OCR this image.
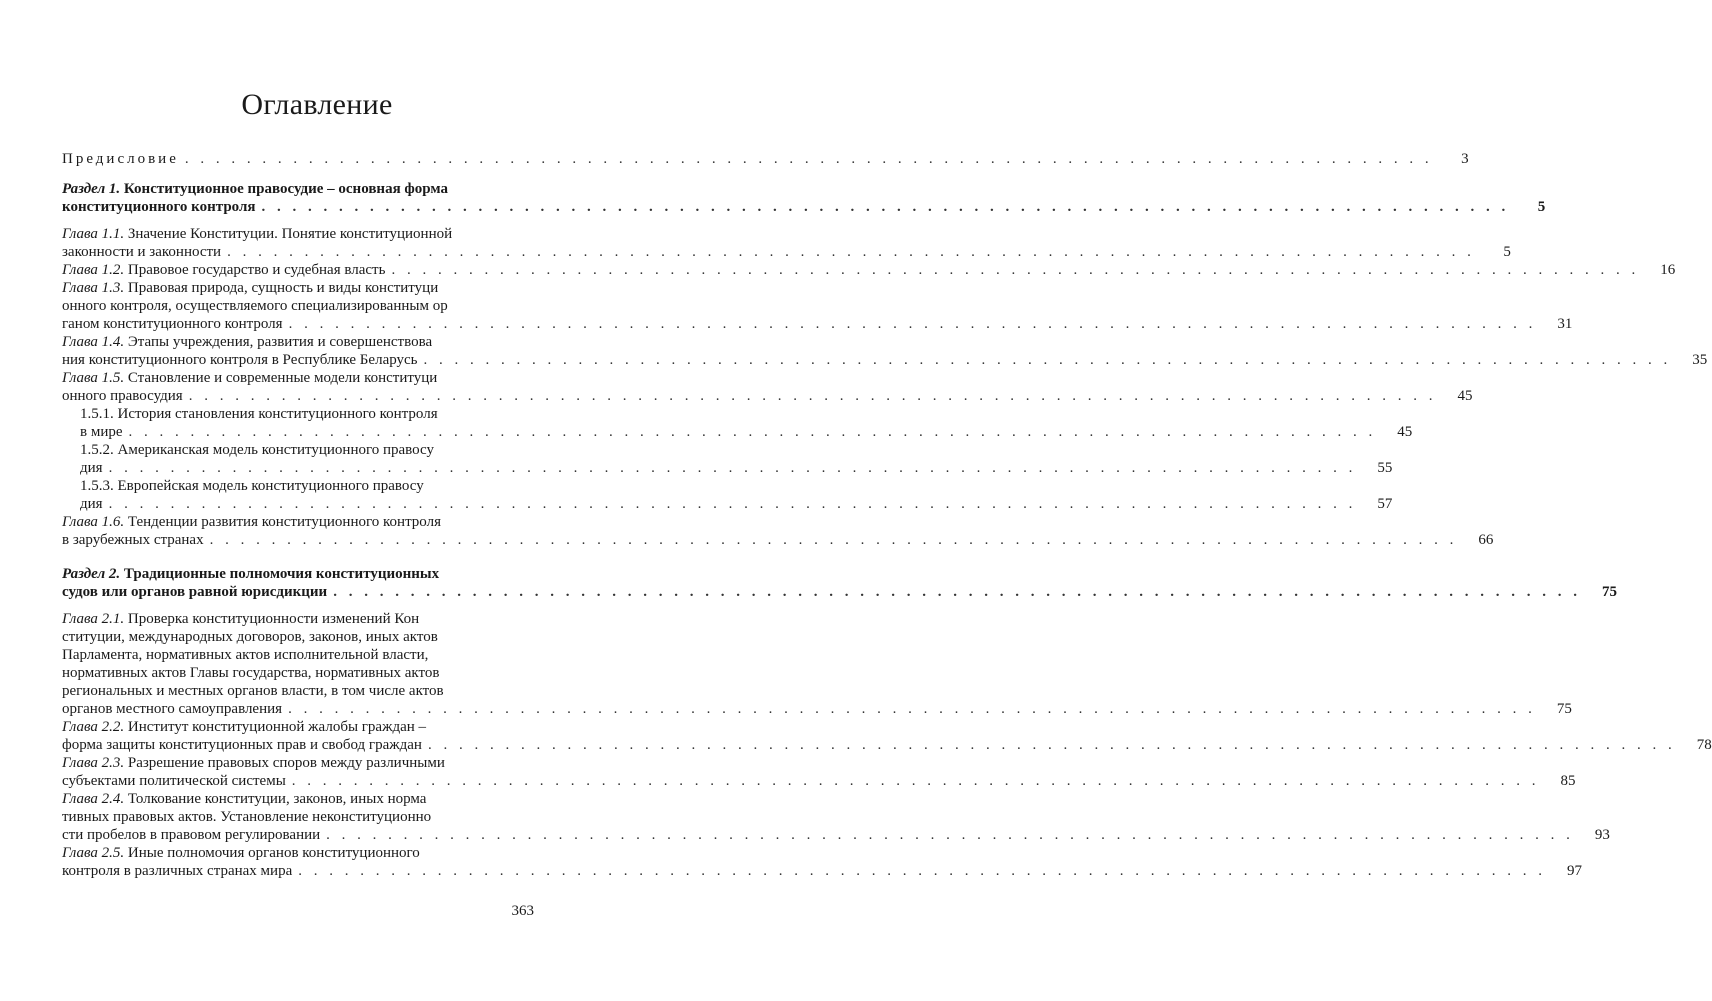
Оглавление
Предисловие . . . . . . . . . . . . . . . . . . . . . . . . . . . . . . . . . . . . . . . . . . . . . . . . . . . . . . . . . . . . . . . . . . . . . . . . . . . . . . . . .	3
Раздел 1. Конституционное правосудие – основная форма
конституционного контроля . . . . . . . . . . . . . . . . . . . . . . . . . . . . . . . . . . . . . . . . . . . . . . . . . . . . . . . . . . . . . . . . . . . . . . . . . . . . . . . . .	5
Глава 1.1. Значение Конституции. Понятие конституционной
законности и законности . . . . . . . . . . . . . . . . . . . . . . . . . . . . . . . . . . . . . . . . . . . . . . . . . . . . . . . . . . . . . . . . . . . . . . . . . . . . . . . . .	5
Глава 1.2. Правовое государство и судебная власть . . . . . . . . . . . . . . . . . . . . . . . . . . . . . . . . . . . . . . . . . . . . . . . . . . . . . . . . . . . . . . . . . . . . . . . . . . . . . . . . .	16
Глава 1.3. Правовая природа, сущность и виды конституци
онного контроля, осуществляемого специализированным ор
ганом конституционного контроля . . . . . . . . . . . . . . . . . . . . . . . . . . . . . . . . . . . . . . . . . . . . . . . . . . . . . . . . . . . . . . . . . . . . . . . . . . . . . . . . .	31
Глава 1.4. Этапы учреждения, развития и совершенствова
ния конституционного контроля в Республике Беларусь . . . . . . . . . . . . . . . . . . . . . . . . . . . . . . . . . . . . . . . . . . . . . . . . . . . . . . . . . . . . . . . . . . . . . . . . . . . . . . . . .	35
Глава 1.5. Становление и современные модели конституци
онного правосудия . . . . . . . . . . . . . . . . . . . . . . . . . . . . . . . . . . . . . . . . . . . . . . . . . . . . . . . . . . . . . . . . . . . . . . . . . . . . . . . . .	45
1.5.1. История становления конституционного контроля
в мире . . . . . . . . . . . . . . . . . . . . . . . . . . . . . . . . . . . . . . . . . . . . . . . . . . . . . . . . . . . . . . . . . . . . . . . . . . . . . . . . .	45
1.5.2. Американская модель конституционного правосу
дия . . . . . . . . . . . . . . . . . . . . . . . . . . . . . . . . . . . . . . . . . . . . . . . . . . . . . . . . . . . . . . . . . . . . . . . . . . . . . . . . .	55
1.5.3. Европейская модель конституционного правосу
дия . . . . . . . . . . . . . . . . . . . . . . . . . . . . . . . . . . . . . . . . . . . . . . . . . . . . . . . . . . . . . . . . . . . . . . . . . . . . . . . . .	57
Глава 1.6. Тенденции развития конституционного контроля
в зарубежных странах . . . . . . . . . . . . . . . . . . . . . . . . . . . . . . . . . . . . . . . . . . . . . . . . . . . . . . . . . . . . . . . . . . . . . . . . . . . . . . . . .	66
Раздел 2. Традиционные полномочия конституционных
судов или органов равной юрисдикции . . . . . . . . . . . . . . . . . . . . . . . . . . . . . . . . . . . . . . . . . . . . . . . . . . . . . . . . . . . . . . . . . . . . . . . . . . . . . . . . .	75
Глава 2.1. Проверка конституционности изменений Кон
ституции, международных договоров, законов, иных актов
Парламента, нормативных актов исполнительной власти,
нормативных актов Главы государства, нормативных актов
региональных и местных органов власти, в том числе актов
органов местного самоуправления . . . . . . . . . . . . . . . . . . . . . . . . . . . . . . . . . . . . . . . . . . . . . . . . . . . . . . . . . . . . . . . . . . . . . . . . . . . . . . . . .	75
Глава 2.2. Институт конституционной жалобы граждан –
форма защиты конституционных прав и свобод граждан . . . . . . . . . . . . . . . . . . . . . . . . . . . . . . . . . . . . . . . . . . . . . . . . . . . . . . . . . . . . . . . . . . . . . . . . . . . . . . . . .	78
Глава 2.3. Разрешение правовых споров между различными
субъектами политической системы . . . . . . . . . . . . . . . . . . . . . . . . . . . . . . . . . . . . . . . . . . . . . . . . . . . . . . . . . . . . . . . . . . . . . . . . . . . . . . . . .	85
Глава 2.4. Толкование конституции, законов, иных норма
тивных правовых актов. Установление неконституционно
сти пробелов в правовом регулировании . . . . . . . . . . . . . . . . . . . . . . . . . . . . . . . . . . . . . . . . . . . . . . . . . . . . . . . . . . . . . . . . . . . . . . . . . . . . . . . . .	93
Глава 2.5. Иные полномочия органов конституционного
контроля в различных странах мира . . . . . . . . . . . . . . . . . . . . . . . . . . . . . . . . . . . . . . . . . . . . . . . . . . . . . . . . . . . . . . . . . . . . . . . . . . . . . . . . .	97
363
